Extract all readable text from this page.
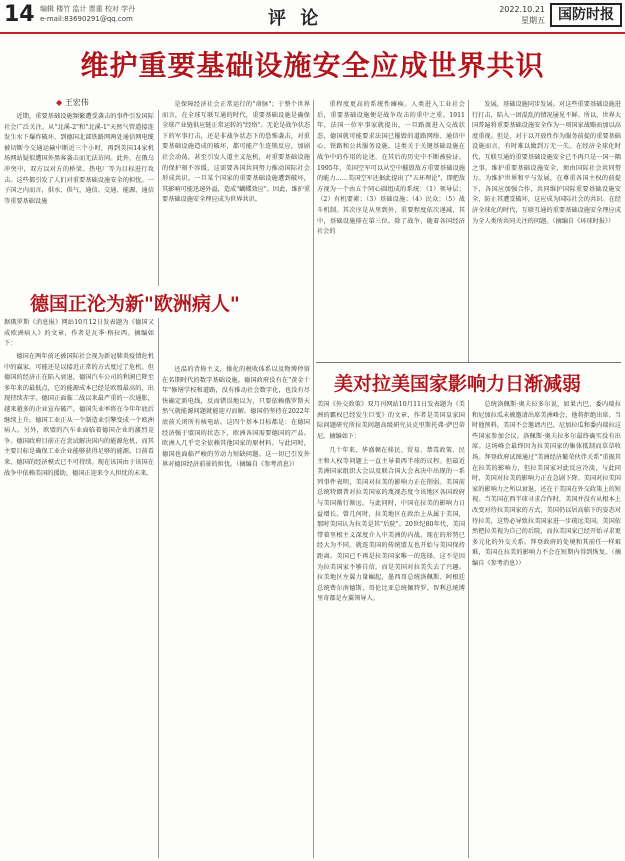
14 编辑 楼竹 监计 票重 校对 学丹
e-mail:83690291@qq.com	评 论	2022.10.21
星期五 国防时报
维护重要基础设施安全应成世界共识
◆ 王宏伟

近期，重要基础设施频繁遭受袭击的事件引发国际社会广泛关注。从"北溪-2"和"北溪-1"天然气管道接连发生水下爆炸破坏，到德国北部铁路网两处通信网电缆被切断令交通运输中断近三个小时，再到美国14家机场网站疑似遭国外黑客袭击而无法访问。此外，在俄乌冲突中，双方以对方的桥梁、热电厂等为目标进行攻击。这些都引发了人们对重要基础设施安全的担忧。一子国之内而言，供水、供气、通信、交通、能源、通信等重要基础设施

是保障经济社会正常运行的"命脉"；于整个世界而言，在全球互联互通的时代，重要基础设施是确保全球产业链供应链正常运转的"经络"。无论是战争状态下的军事打击，还是非战争状态下的恐怖袭击，对重要基础设施造成的破坏，都可能产生连锁反应，加剧社会动荡，甚至引发人道主义危机，对重要基础设施的保护刻不容缓，这需要各国共同努力推动国际社会形成共识。一旦某个国家的重要基础设施遭到破坏，其影响可能迅速外溢，造成"蝴蝶效应"。因此，维护重要基础设施安全理应成为世界共识。

重程度更高的系统性瘫痪。人类进入工业社会后，重要基础设施便是战争攻击的重中之重。1911年，法国一位军事家就提出，一旦路渡进入交战状态，德国就可能要求法国已摧毁的道路网络、通信中心、铁路和公共服务设施。这类关于关键基础设施在战争中的作用的论述，在其后的历史中不断被验证。1995年，美国空军可以从空中摧毁敌方重要基础设施的能力……美国空军还据此提出了"五环理论"，即把敌方视为一个由五个同心圆组成的系统：（1）领导层；（2）有机要素；（3）基础设施；（4）民众；（5）战斗机制。其次序是从里到外，重要程度依次递减，其中，基础设施排在第三位。除了战争，随着各国经济社会的

发展，基础设施同步发展。对这些重要基础设施进行打击，陷入一团混乱的情况屡见不鲜。所以，世界大国普遍将重要基础设施安全作为一项国家战略而加以高度重视。但是，对于以开放性作为服务前提的重要基础设施而言，有时难以做到万无一失。在经济全球化时代，互联互通的重要基础设施安全已不再只是一国一隅之事。维护重要基础设施安全，须由国际社会共同努力。为维护世界和平与发展，在尊重各国主权的前提下，各国应加强合作，共同维护国际重要基础设施安全，防止其遭受破坏，这应成为国际社会的共识。在经济全球化的时代，互联互通的重要基础设施安全理应成为全人类所共同关注的问题。（摘编自《环球时报》）

德国正沦为新"欧洲病人"
据俄罗斯《消息报》网站10月12日发表题为《德国又成欧洲病人》的文章，作者是瓦季·格拉西。摘编如下：

德国在两年前还被国际社会视为新冠肺炎疫情危机中的赢家。可能还是以接近正常的方式度过了危机。但德国的经济正在陷入衰退，德国汽车公司的利润已降至多年来的最低点，它的能源成本已经是欧盟最高的，出现持续赤字。德国正面临二战以来最严重的一次通胀，越来越多的企业宣布破产，德国失业率将在今年年底后继续上升。德国工业正从一个制造业引擎变成一个欧洲病人。另外，欧盟的汽车业面临着德国企业的激烈竞争。德国政府目前正在尝试解决国内的能源危机，而其主要目标是确保工业企业能够获得足够的能源。目前看来，德国的经济模式已不可持续。现在该国由于该国在战争中依赖美国的援助，德国正迎来令人担忧的未来。

还温的背倚主义，操化的税收体系以及物博停留在名期时代的数字基础设施。德国政府没有在"黄金十年"修缮学校和道路，没有推动社会数字化，也没有尽快确定新电线，反而错误地以为，只要依赖俄罗斯天然气就能源问题就能迎刃而解。德国仍坚持在2022年底前关闭所有核电站。这四个基本目标都是：在德国经济强于盟国的状态下，欧洲各国需要德国的产品。欧洲人几乎完全依赖其他国家的原材料。与此同时，德国也面临严峻的劳动力短缺问题。这一切已引发外界对德国经济前景的担忧。（摘编自《参考消息》）

美对拉美国家影响力日渐减弱
美国《外交政策》双月刊网站10月11日发表题为《美洲的霸权已经发生巨变》的文章，作者是美国皇家国际问题研究所拉美问题高级研究员克里斯托弗·萨巴蒂尼。摘编如下：

几十年来，华盛顿在移民、贸易、禁毒政策、民主和人权等问题上一直主导着西半球的议程。但最近美洲国家组织大会以及联合国大会表决中出现的一系列事件表明，美国对拉美的影响力正在削弱。美国前总统特朗普对拉美国家的蔑视态度令该地区各国政府与美国渐行渐远。与此同时，中国在拉美的影响力日益增长。曾几何时，拉美地区在政治上从属于美国，那时美国认为拉美是其"后院"。20世纪80年代，美国带着里根主义深度介入中美洲的内战。现在的形势已经大为不同。就连美国的传统盟友也开始与美国保持距离。美国已不再是拉美国家唯一的选择，这不是因为拉美国家不够自信，而是美国对拉美失去了兴趣。拉美地区左翼力量崛起，墨西哥总统洛佩斯、阿根廷总统费尔南德斯、哥伦比亚总统佩特罗、智利总统博里奇都是左翼领导人。

总统洛佩斯·奥夫拉多尔说，如果古巴、委内瑞拉和尼加拉瓜未被邀请出席美洲峰会，他将拒绝出席。当时他预料，美国不会邀请古巴，尼加拉瓜和委内瑞拉这些国家参加会议。洛佩斯·奥夫拉多尔最终确实没有出席。这场峰会最终因为拉美国家的集体抵制而草草收场。拜登政府试图通过"美洲经济繁荣伙伴关系"重振其在拉美的影响力，但拉美国家对此反应冷淡，与此同时，美国对拉美的影响力正在急剧下降。美国对拉美国家的影响力之所以衰退，还在于美国在外交政策上的短视。当美国在西半球寻求合作时，美国并没有从根本上改变对待拉美国家的方式，美国仍以居高临下的姿态对待拉美，这势必导致拉美国家进一步疏远美国。美国依然把拉美视为自己的后院，而拉美国家已经开始寻求更多元化的外交关系。拜登政府的处境和其前任一样艰难，美国在拉美的影响力不会在短期内得到恢复。（摘编自《参考消息》）
